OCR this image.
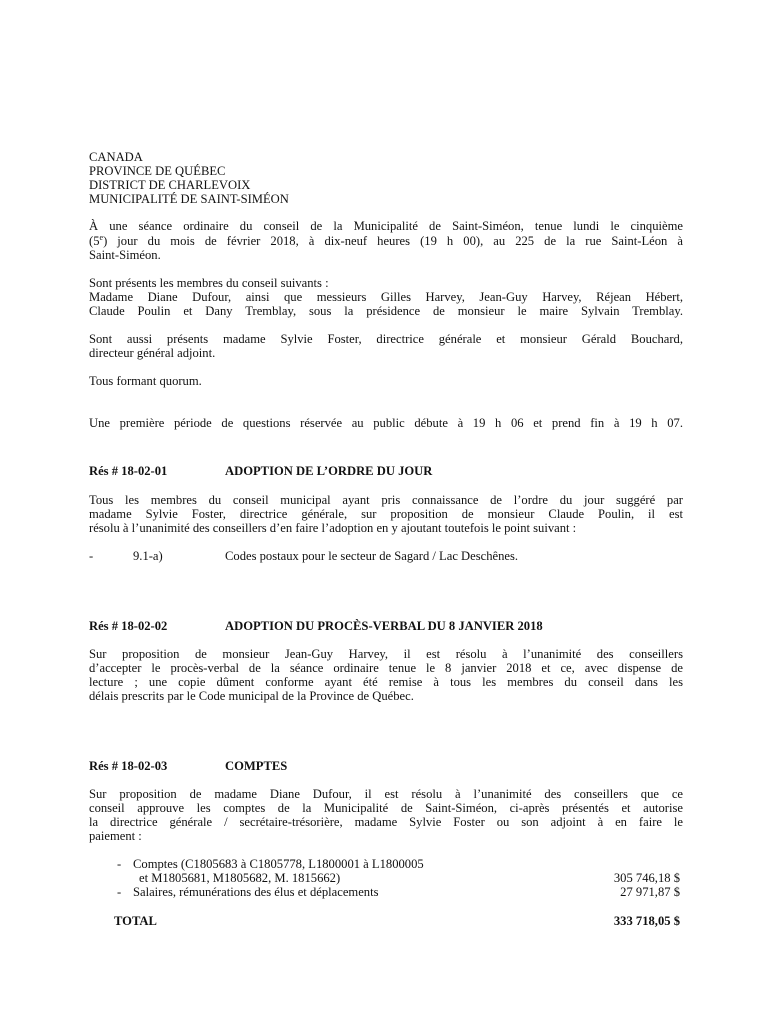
CANADA
PROVINCE DE QUÉBEC
DISTRICT DE CHARLEVOIX
MUNICIPALITÉ DE SAINT-SIMÉON
À une séance ordinaire du conseil de la Municipalité de Saint-Siméon, tenue lundi le cinquième
(5e) jour du mois de février 2018, à dix-neuf heures (19 h 00), au 225 de la rue Saint-Léon à
Saint-Siméon.
Sont présents les membres du conseil suivants :
Madame Diane Dufour, ainsi que messieurs Gilles Harvey, Jean-Guy Harvey, Réjean Hébert,
Claude Poulin et Dany Tremblay, sous la présidence de monsieur le maire Sylvain Tremblay.
Sont aussi présents madame Sylvie Foster, directrice générale et monsieur Gérald Bouchard,
directeur général adjoint.
Tous formant quorum.
Une première période de questions réservée au public débute à 19 h 06 et prend fin à 19 h 07.
Rés # 18-02-01	ADOPTION DE L’ORDRE DU JOUR
Tous les membres du conseil municipal ayant pris connaissance de l’ordre du jour suggéré par
madame Sylvie Foster, directrice générale, sur proposition de monsieur Claude Poulin, il est
résolu à l’unanimité des conseillers d’en faire l’adoption en y ajoutant toutefois le point suivant :
-	9.1-a)	Codes postaux pour le secteur de Sagard / Lac Deschênes.
Rés # 18-02-02	ADOPTION DU PROCÈS-VERBAL DU 8 JANVIER 2018
Sur proposition de monsieur Jean-Guy Harvey, il est résolu à l’unanimité des conseillers
d’accepter le procès-verbal de la séance ordinaire tenue le 8 janvier 2018 et ce, avec dispense de
lecture ; une copie dûment conforme ayant été remise à tous les membres du conseil dans les
délais prescrits par le Code municipal de la Province de Québec.
Rés # 18-02-03	COMPTES
Sur proposition de madame Diane Dufour, il est résolu à l’unanimité des conseillers que ce
conseil approuve les comptes de la Municipalité de Saint-Siméon, ci-après présentés et autorise
la directrice générale / secrétaire-trésorière, madame Sylvie Foster ou son adjoint à en faire le
paiement :
- Comptes (C1805683 à C1805778, L1800001 à L1800005
et M1805681, M1805682, M. 1815662)	305 746,18 $
- Salaires, rémunérations des élus et déplacements	27 971,87 $
TOTAL	333 718,05 $
